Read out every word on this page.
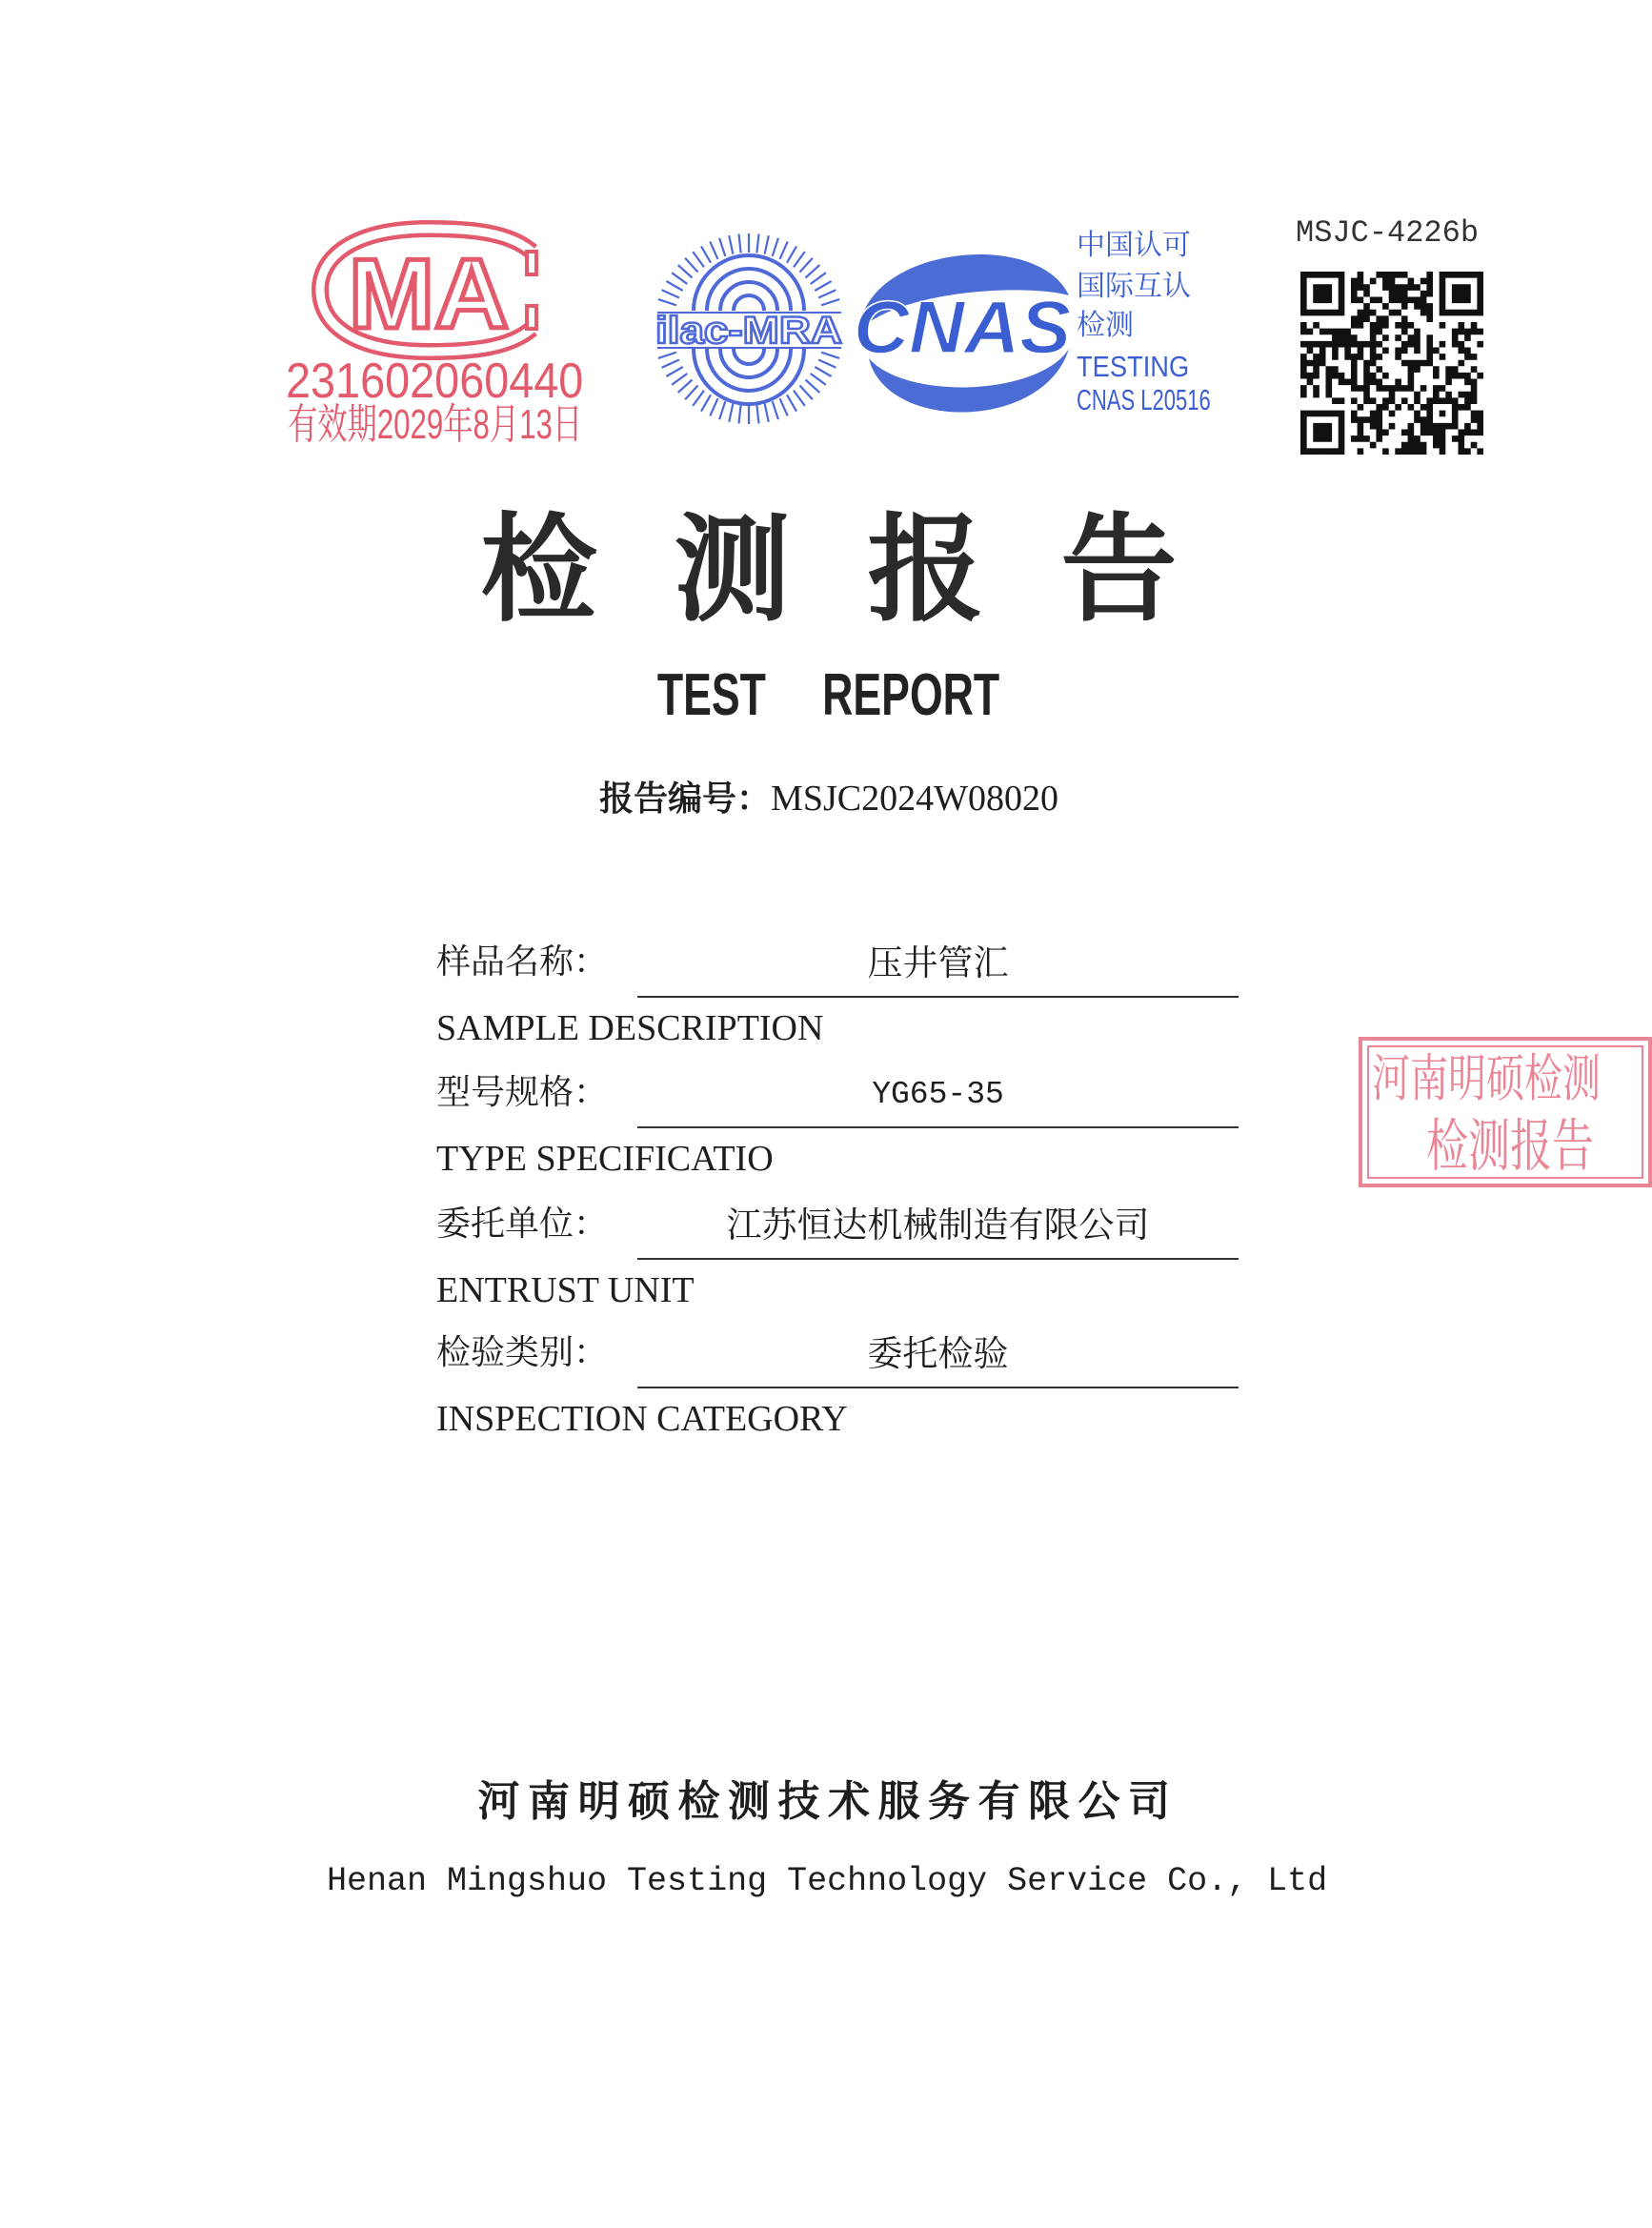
MA
231602060440
有效期2029年8月13日
ilac-MRA CNAS
中国认可
国际互认
检测
TESTING
CNAS L20516
MSJC-4226b
检 测 报 告
TEST REPORT
报告编号：MSJC2024W08020
样品名称：	压井管汇
SAMPLE DESCRIPTION
型号规格：	YG65-35
TYPE SPECIFICATIO
委托单位：	江苏恒达机械制造有限公司
ENTRUST UNIT
检验类别：	委托检验
INSPECTION CATEGORY
河南明硕检测
检测报告
河南明硕检测技术服务有限公司
Henan Mingshuo Testing Technology Service Co., Ltd
